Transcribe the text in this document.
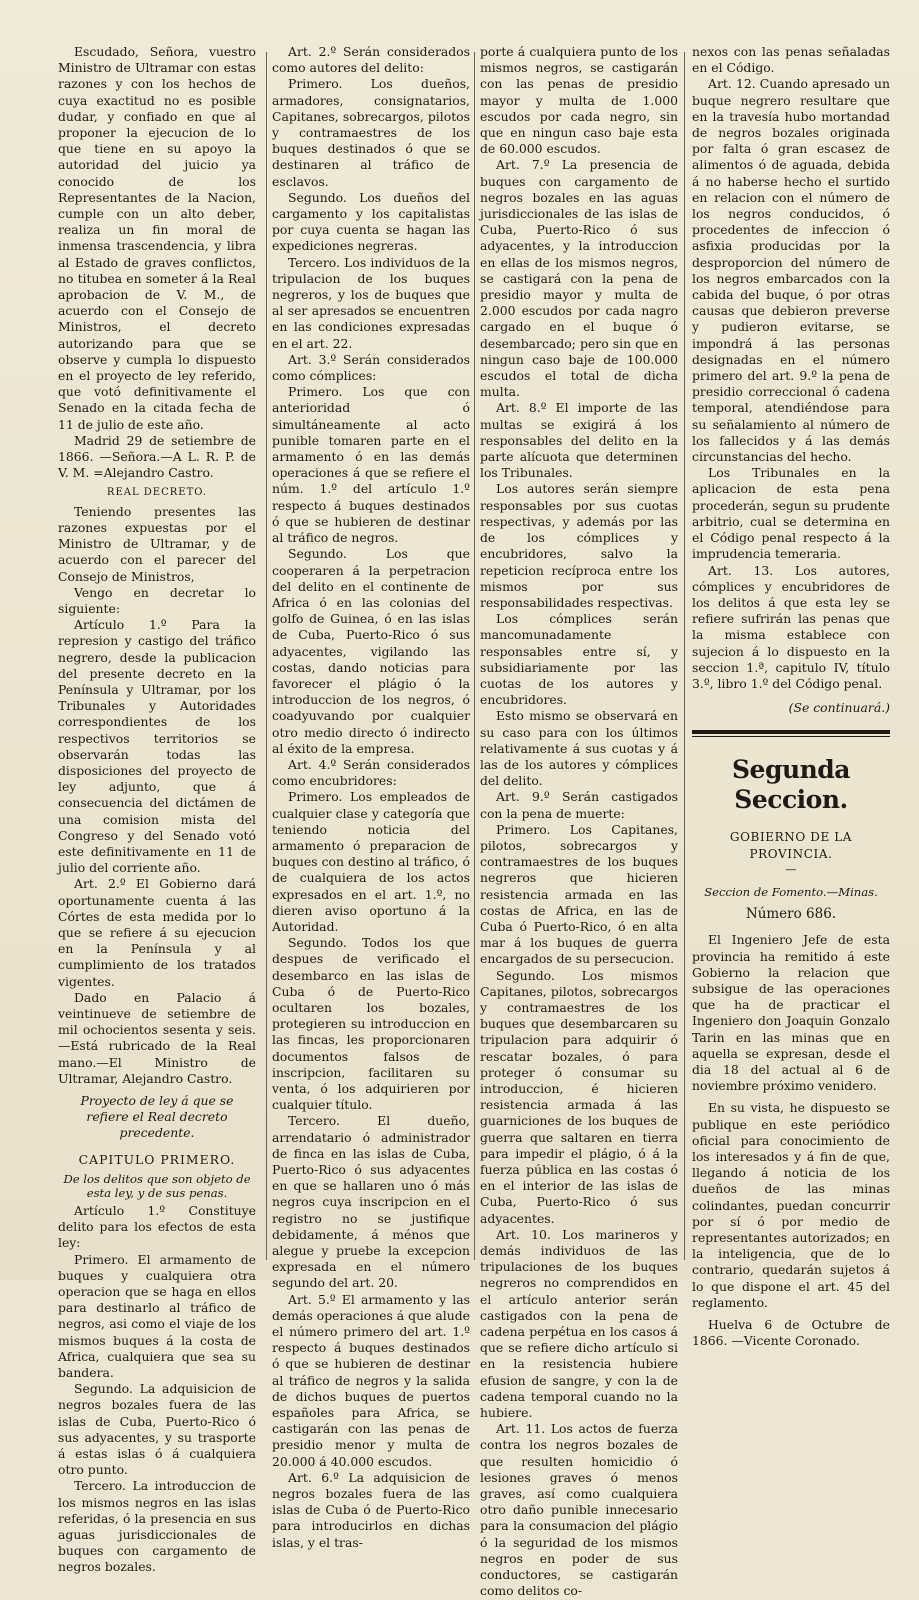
Escudado, Señora, vuestro Ministro de Ultramar con estas razones y con los hechos de cuya exactitud no es posible dudar, y confiado en que al proponer la ejecucion de lo que tiene en su apoyo la autoridad del juicio ya conocido de los Representantes de la Nacion, cumple con un alto deber, realiza un fin moral de inmensa trascendencia, y libra al Estado de graves conflictos, no titubea en someter á la Real aprobacion de V. M., de acuerdo con el Consejo de Ministros, el decreto autorizando para que se observe y cumpla lo dispuesto en el proyecto de ley referido, que votó definitivamente el Senado en la citada fecha de 11 de julio de este año.

Madrid 29 de setiembre de 1866. —Señora.—A L. R. P. de V. M. =Alejandro Castro.

REAL DECRETO.

Teniendo presentes las razones expuestas por el Ministro de Ultramar, y de acuerdo con el parecer del Consejo de Ministros,

Vengo en decretar lo siguiente:

Artículo 1.º Para la represion y castigo del tráfico negrero, desde la publicacion del presente decreto en la Península y Ultramar, por los Tribunales y Autoridades correspondientes de los respectivos territorios se observarán todas las disposiciones del proyecto de ley adjunto, que á consecuencia del dictámen de una comision mista del Congreso y del Senado votó este definitivamente en 11 de julio del corriente año.

Art. 2.º El Gobierno dará oportunamente cuenta á las Córtes de esta medida por lo que se refiere á su ejecucion en la Península y al cumplimiento de los tratados vigentes.

Dado en Palacio á veintinueve de setiembre de mil ochocientos sesenta y seis.—Está rubricado de la Real mano.—El Ministro de Ultramar, Alejandro Castro.

Proyecto de ley á que se refiere el Real decreto precedente.

CAPITULO PRIMERO.

De los delitos que son objeto de esta ley, y de sus penas.

Artículo 1.º Constituye delito para los efectos de esta ley:

Primero. El armamento de buques y cualquiera otra operacion que se haga en ellos para destinarlo al tráfico de negros, asi como el viaje de los mismos buques á la costa de Africa, cualquiera que sea su bandera.

Segundo. La adquisicion de negros bozales fuera de las islas de Cuba, Puerto-Rico ó sus adyacentes, y su trasporte á estas islas ó á cualquiera otro punto.

Tercero. La introduccion de los mismos negros en las islas referidas, ó la presencia en sus aguas jurisdiccionales de buques con cargamento de negros bozales.

Art. 2.º Serán considerados como autores del delito:

Primero. Los dueños, armadores, consignatarios, Capitanes, sobrecargos, pilotos y contramaestres de los buques destinados ó que se destinaren al tráfico de esclavos.

Segundo. Los dueños del cargamento y los capitalistas por cuya cuenta se hagan las expediciones negreras.

Tercero. Los individuos de la tripulacion de los buques negreros, y los de buques que al ser apresados se encuentren en las condiciones expresadas en el art. 22.

Art. 3.º Serán considerados como cómplices:

Primero. Los que con anterioridad ó simultáneamente al acto punible tomaren parte en el armamento ó en las demás operaciones á que se refiere el núm. 1.º del artículo 1.º respecto á buques destinados ó que se hubieren de destinar al tráfico de negros.

Segundo. Los que cooperaren á la perpetracion del delito en el continente de Africa ó en las colonias del golfo de Guinea, ó en las islas de Cuba, Puerto-Rico ó sus adyacentes, vigilando las costas, dando noticias para favorecer el plágio ó la introduccion de los negros, ó coadyuvando por cualquier otro medio directo ó indirecto al éxito de la empresa.

Art. 4.º Serán considerados como encubridores:

Primero. Los empleados de cualquier clase y categoría que teniendo noticia del armamento ó preparacion de buques con destino al tráfico, ó de cualquiera de los actos expresados en el art. 1.º, no dieren aviso oportuno á la Autoridad.

Segundo. Todos los que despues de verificado el desembarco en las islas de Cuba ó de Puerto-Rico ocultaren los bozales, protegieren su introduccion en las fincas, les proporcionaren documentos falsos de inscripcion, facilitaren su venta, ó los adquirieren por cualquier título.

Tercero. El dueño, arrendatario ó administrador de finca en las islas de Cuba, Puerto-Rico ó sus adyacentes en que se hallaren uno ó más negros cuya inscripcion en el registro no se justifique debidamente, á ménos que alegue y pruebe la excepcion expresada en el número segundo del art. 20.

Art. 5.º El armamento y las demás operaciones á que alude el número primero del art. 1.º respecto á buques destinados ó que se hubieren de destinar al tráfico de negros y la salida de dichos buques de puertos españoles para Africa, se castigarán con las penas de presidio menor y multa de 20.000 á 40.000 escudos.

Art. 6.º La adquisicion de negros bozales fuera de las islas de Cuba ó de Puerto-Rico para introducirlos en dichas islas, y el tras-

porte á cualquiera punto de los mismos negros, se castigarán con las penas de presidio mayor y multa de 1.000 escudos por cada negro, sin que en ningun caso baje esta de 60.000 escudos.

Art. 7.º La presencia de buques con cargamento de negros bozales en las aguas jurisdiccionales de las islas de Cuba, Puerto-Rico ó sus adyacentes, y la introduccion en ellas de los mismos negros, se castigará con la pena de presidio mayor y multa de 2.000 escudos por cada nagro cargado en el buque ó desembarcado; pero sin que en ningun caso baje de 100.000 escudos el total de dicha multa.

Art. 8.º El importe de las multas se exigirá á los responsables del delito en la parte alícuota que determinen los Tribunales.

Los autores serán siempre responsables por sus cuotas respectivas, y además por las de los cómplices y encubridores, salvo la repeticion recíproca entre los mismos por sus responsabilidades respectivas.

Los cómplices serán mancomunadamente responsables entre sí, y subsidiariamente por las cuotas de los autores y encubridores.

Esto mismo se observará en su caso para con los últimos relativamente á sus cuotas y á las de los autores y cómplices del delito.

Art. 9.º Serán castigados con la pena de muerte:

Primero. Los Capitanes, pilotos, sobrecargos y contramaestres de los buques negreros que hicieren resistencia armada en las costas de Africa, en las de Cuba ó Puerto-Rico, ó en alta mar á los buques de guerra encargados de su persecucion.

Segundo. Los mismos Capitanes, pilotos, sobrecargos y contramaestres de los buques que desembarcaren su tripulacion para adquirir ó rescatar bozales, ó para proteger ó consumar su introduccion, é hicieren resistencia armada á las guarniciones de los buques de guerra que saltaren en tierra para impedir el plágio, ó á la fuerza pública en las costas ó en el interior de las islas de Cuba, Puerto-Rico ó sus adyacentes.

Art. 10. Los marineros y demás individuos de las tripulaciones de los buques negreros no comprendidos en el artículo anterior serán castigados con la pena de cadena perpétua en los casos á que se refiere dicho artículo si en la resistencia hubiere efusion de sangre, y con la de cadena temporal cuando no la hubiere.

Art. 11. Los actos de fuerza contra los negros bozales de que resulten homicidio ó lesiones graves ó menos graves, así como cualquiera otro daño punible innecesario para la consumacion del plágio ó la seguridad de los mismos negros en poder de sus conductores, se castigarán como delitos co-

nexos con las penas señaladas en el Código.

Art. 12. Cuando apresado un buque negrero resultare que en la travesía hubo mortandad de negros bozales originada por falta ó gran escasez de alimentos ó de aguada, debida á no haberse hecho el surtido en relacion con el número de los negros conducidos, ó procedentes de infeccion ó asfixia producidas por la desproporcion del número de los negros embarcados con la cabida del buque, ó por otras causas que debieron preverse y pudieron evitarse, se impondrá á las personas designadas en el número primero del art. 9.º la pena de presidio correccional ó cadena temporal, atendiéndose para su señalamiento al número de los fallecidos y á las demás circunstancias del hecho.

Los Tribunales en la aplicacion de esta pena procederán, segun su prudente arbitrio, cual se determina en el Código penal respecto á la imprudencia temeraria.

Art. 13. Los autores, cómplices y encubridores de los delitos á que esta ley se refiere sufrirán las penas que la misma establece con sujecion á lo dispuesto en la seccion 1.ª, capitulo IV, título 3.º, libro 1.º del Código penal.

(Se continuará.)

Segunda Seccion.

GOBIERNO DE LA PROVINCIA.

—

Seccion de Fomento.—Minas.

Número 686.

El Ingeniero Jefe de esta provincia ha remitido á este Gobierno la relacion que subsigue de las operaciones que ha de practicar el Ingeniero don Joaquin Gonzalo Tarin en las minas que en aquella se expresan, desde el dia 18 del actual al 6 de noviembre próximo venidero.

En su vista, he dispuesto se publique en este periódico oficial para conocimiento de los interesados y á fin de que, llegando á noticia de los dueños de las minas colindantes, puedan concurrir por sí ó por medio de representantes autorizados; en la inteligencia, que de lo contrario, quedarán sujetos á lo que dispone el art. 45 del reglamento.

Huelva 6 de Octubre de 1866. —Vicente Coronado.
